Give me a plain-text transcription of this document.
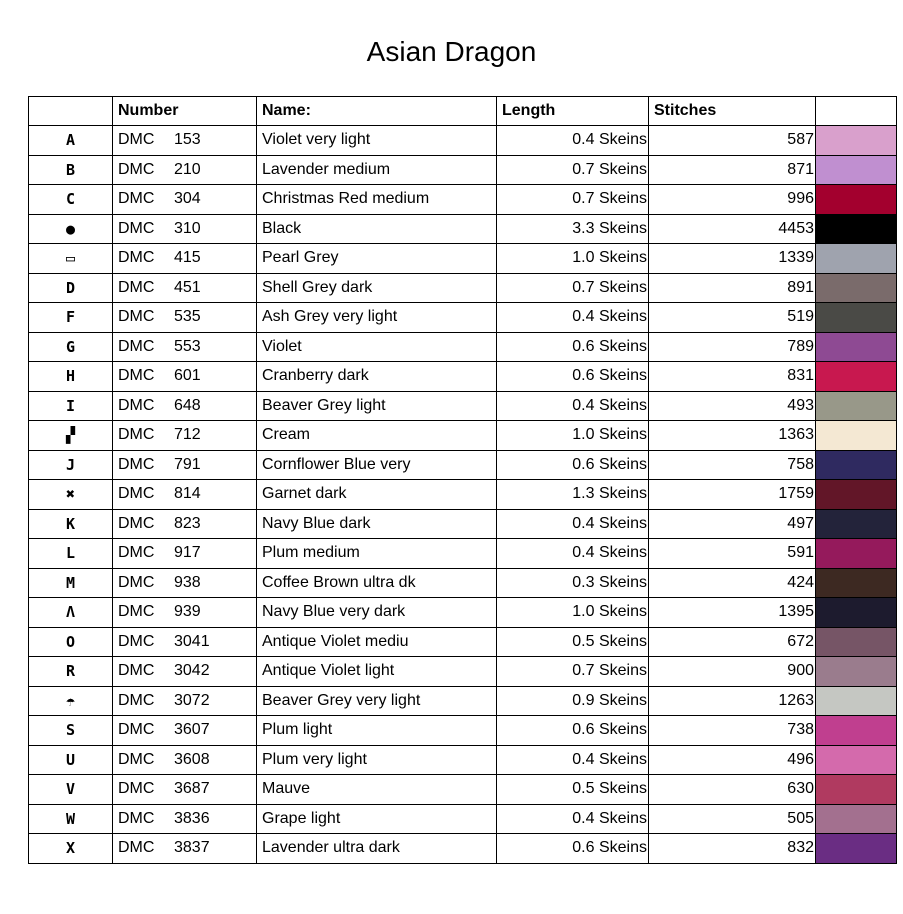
Asian Dragon
	Number	Name:	Length	Stitches	
A	DMC 153	Violet very light	0.4 Skeins	587	

B	DMC 210	Lavender medium	0.7 Skeins	871	

C	DMC 304	Christmas Red medium	0.7 Skeins	996	

●	DMC 310	Black	3.3 Skeins	4453	

▭	DMC 415	Pearl Grey	1.0 Skeins	1339	

D	DMC 451	Shell Grey dark	0.7 Skeins	891	

F	DMC 535	Ash Grey very light	0.4 Skeins	519	

G	DMC 553	Violet	0.6 Skeins	789	

H	DMC 601	Cranberry dark	0.6 Skeins	831	

I	DMC 648	Beaver Grey light	0.4 Skeins	493	

▞	DMC 712	Cream	1.0 Skeins	1363	

J	DMC 791	Cornflower Blue very	0.6 Skeins	758	

✖	DMC 814	Garnet dark	1.3 Skeins	1759	

K	DMC 823	Navy Blue dark	0.4 Skeins	497	

L	DMC 917	Plum medium	0.4 Skeins	591	

M	DMC 938	Coffee Brown ultra dk	0.3 Skeins	424	

Λ	DMC 939	Navy Blue very dark	1.0 Skeins	1395	

O	DMC 3041	Antique Violet mediu	0.5 Skeins	672	

R	DMC 3042	Antique Violet light	0.7 Skeins	900	

☂	DMC 3072	Beaver Grey very light	0.9 Skeins	1263	

S	DMC 3607	Plum light	0.6 Skeins	738	

U	DMC 3608	Plum very light	0.4 Skeins	496	

V	DMC 3687	Mauve	0.5 Skeins	630	

W	DMC 3836	Grape light	0.4 Skeins	505	

X	DMC 3837	Lavender ultra dark	0.6 Skeins	832	
